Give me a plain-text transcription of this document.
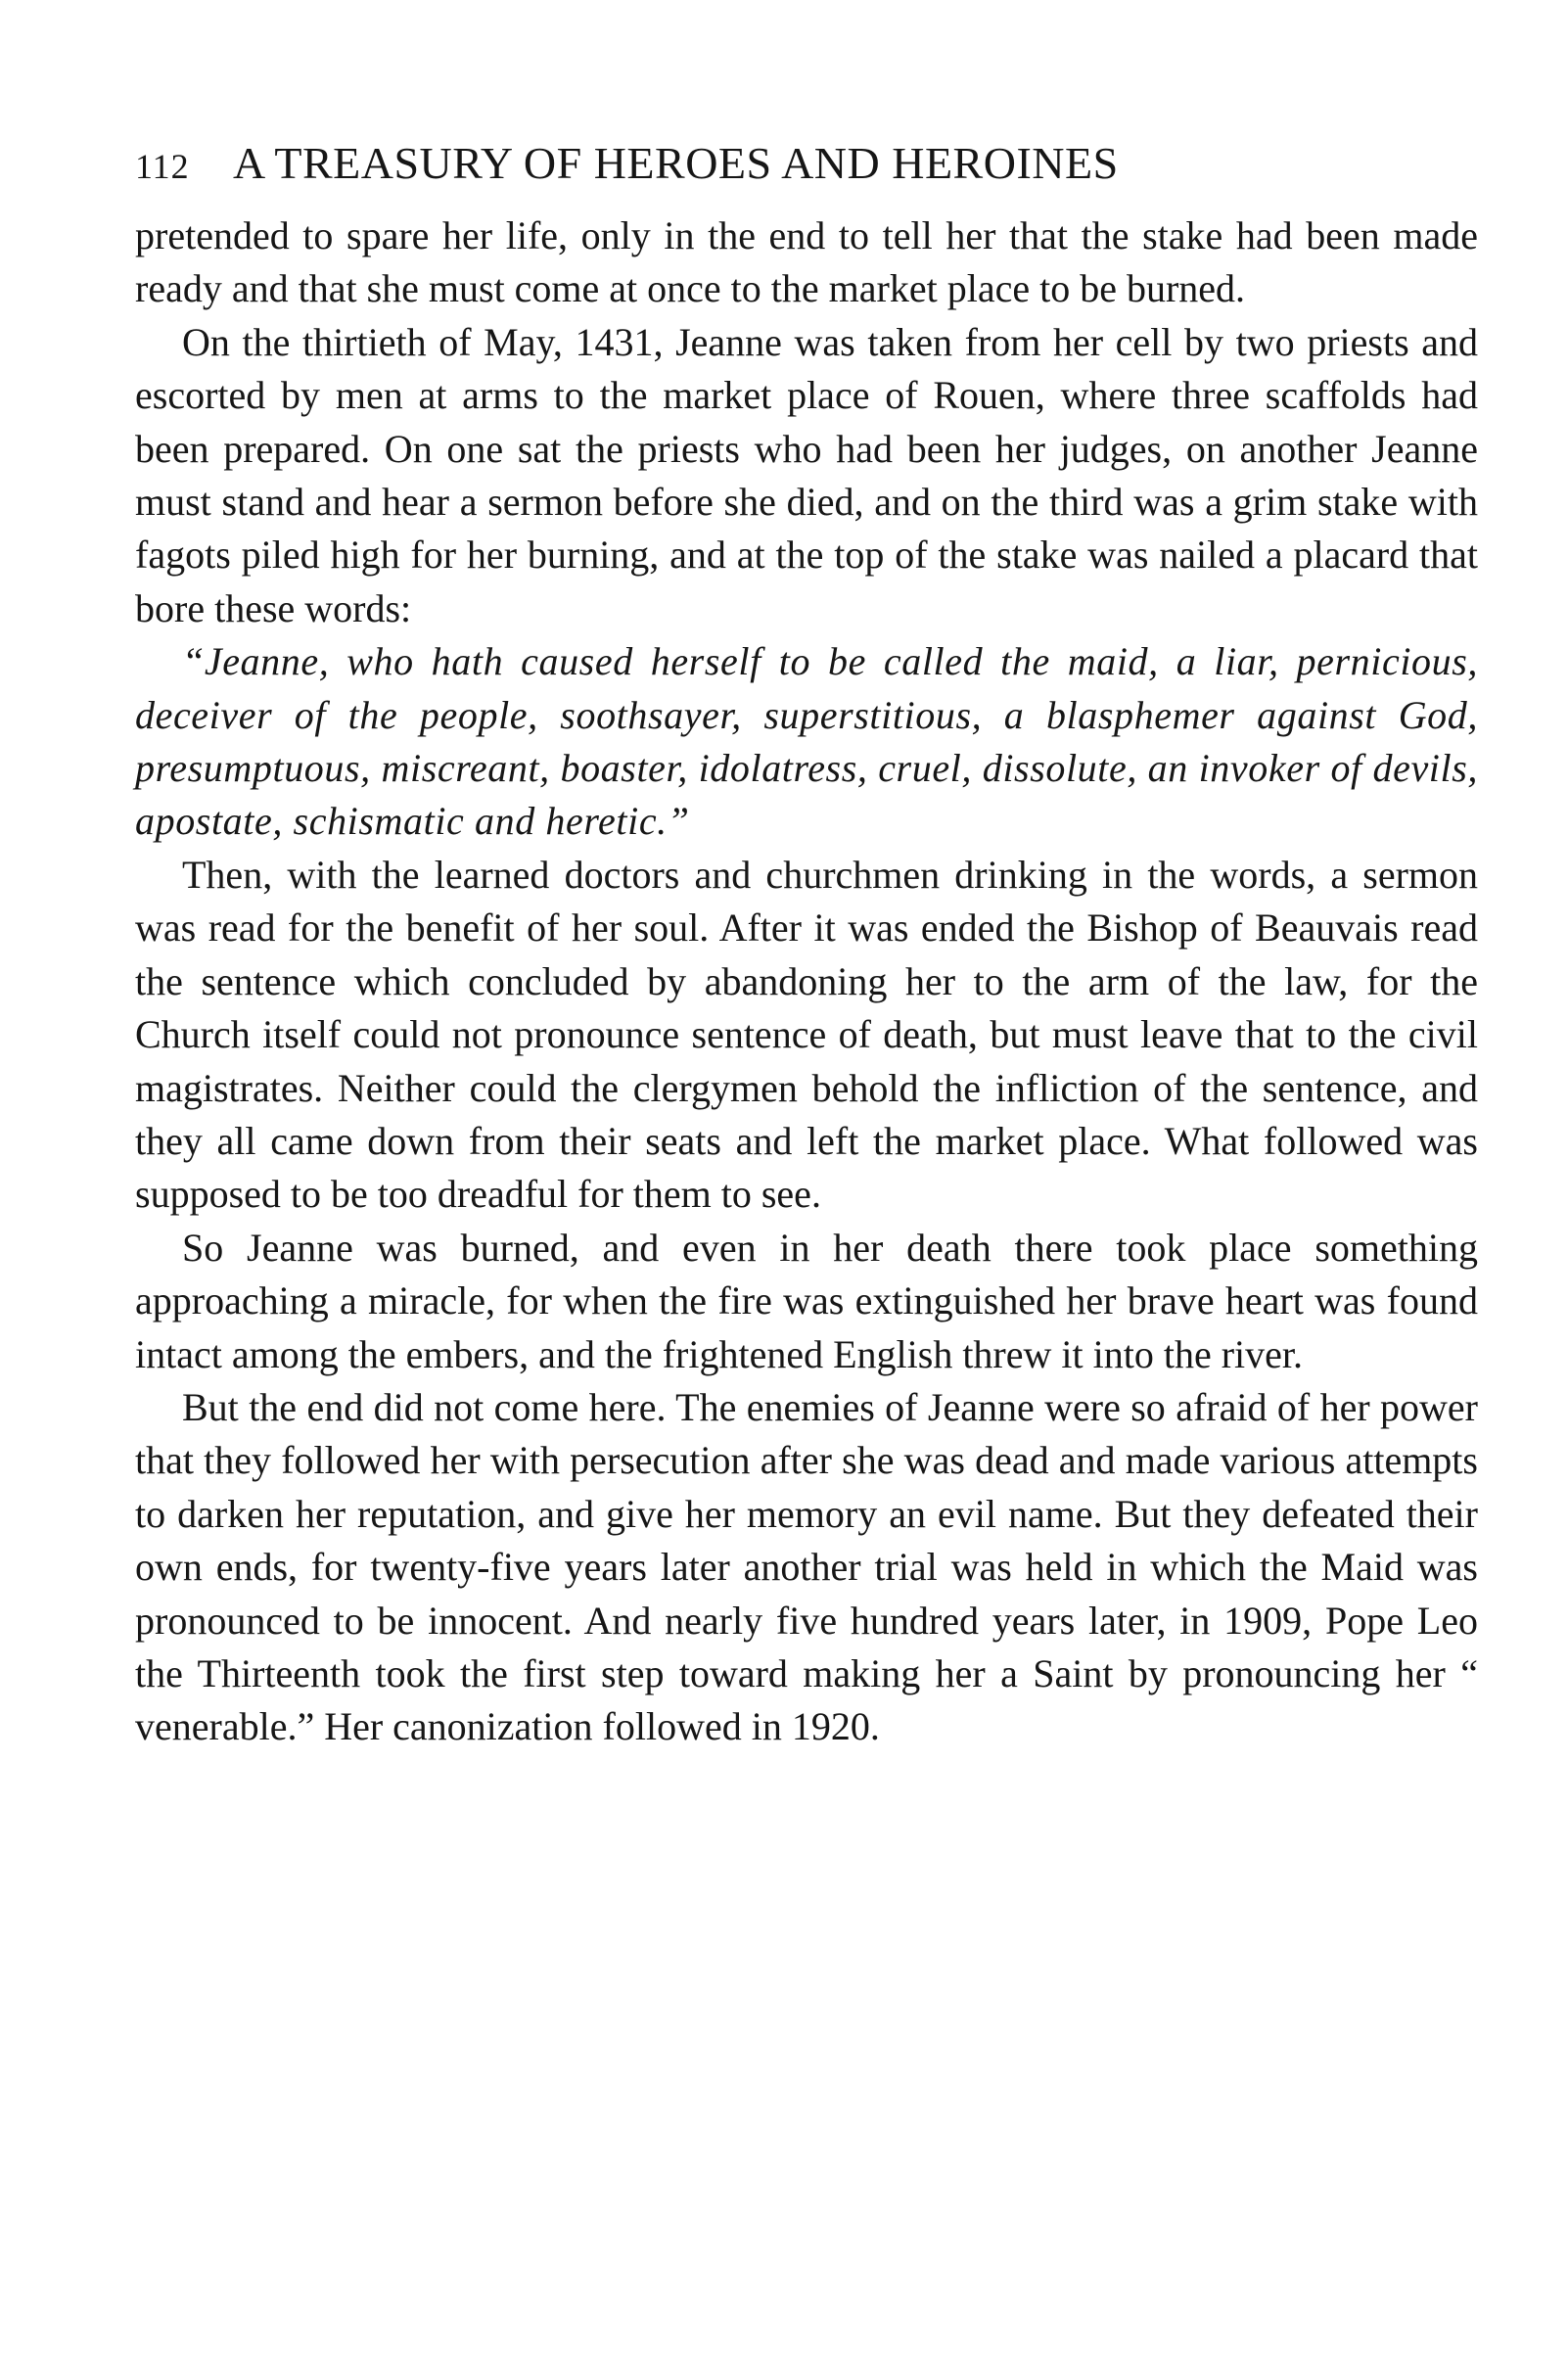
112 A TREASURY OF HEROES AND HEROINES

pretended to spare her life, only in the end to tell her that the stake had been made ready and that she must come at once to the market place to be burned.

On the thirtieth of May, 1431, Jeanne was taken from her cell by two priests and escorted by men at arms to the market place of Rouen, where three scaffolds had been prepared. On one sat the priests who had been her judges, on another Jeanne must stand and hear a sermon before she died, and on the third was a grim stake with fagots piled high for her burning, and at the top of the stake was nailed a placard that bore these words:

“Jeanne, who hath caused herself to be called the maid, a liar, pernicious, deceiver of the people, soothsayer, superstitious, a blasphemer against God, presumptuous, miscreant, boaster, idolatress, cruel, dissolute, an invoker of devils, apostate, schismatic and heretic.”

Then, with the learned doctors and churchmen drinking in the words, a sermon was read for the benefit of her soul. After it was ended the Bishop of Beauvais read the sentence which concluded by abandoning her to the arm of the law, for the Church itself could not pronounce sentence of death, but must leave that to the civil magistrates. Neither could the clergymen behold the infliction of the sentence, and they all came down from their seats and left the market place. What followed was supposed to be too dreadful for them to see.

So Jeanne was burned, and even in her death there took place something approaching a miracle, for when the fire was extinguished her brave heart was found intact among the embers, and the frightened English threw it into the river.

But the end did not come here. The enemies of Jeanne were so afraid of her power that they followed her with persecution after she was dead and made various attempts to darken her reputation, and give her memory an evil name. But they defeated their own ends, for twenty-five years later another trial was held in which the Maid was pronounced to be innocent. And nearly five hundred years later, in 1909, Pope Leo the Thirteenth took the first step toward making her a Saint by pronouncing her “ venerable.” Her canonization followed in 1920.
